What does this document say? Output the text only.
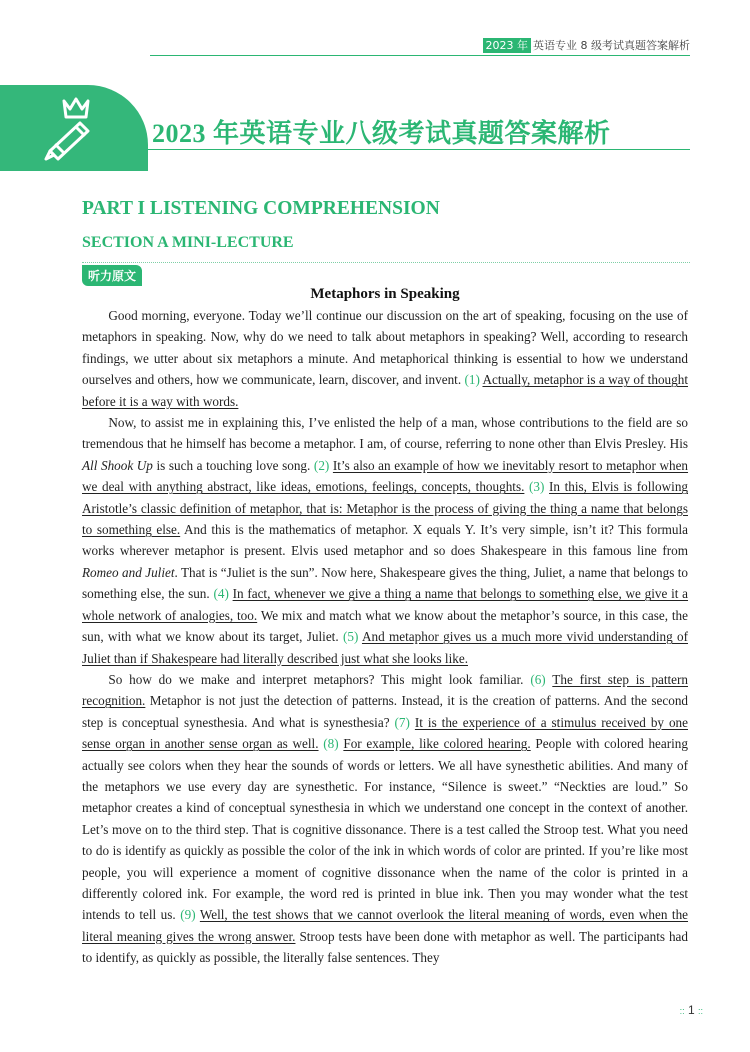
2023 年 英语专业 8 级考试真题答案解析
2023 年英语专业八级考试真题答案解析
PART I LISTENING COMPREHENSION
SECTION A MINI-LECTURE
听力原文
Metaphors in Speaking

Good morning, everyone. Today we’ll continue our discussion on the art of speaking, focusing on the use of metaphors in speaking. Now, why do we need to talk about metaphors in speaking? Well, according to research findings, we utter about six metaphors a minute. And metaphorical thinking is essential to how we understand ourselves and others, how we communicate, learn, discover, and invent. (1) Actually, metaphor is a way of thought before it is a way with words.

Now, to assist me in explaining this, I’ve enlisted the help of a man, whose contributions to the field are so tremendous that he himself has become a metaphor. I am, of course, referring to none other than Elvis Presley. His All Shook Up is such a touching love song. (2) It’s also an example of how we inevitably resort to metaphor when we deal with anything abstract, like ideas, emotions, feelings, concepts, thoughts. (3) In this, Elvis is following Aristotle’s classic definition of metaphor, that is: Metaphor is the process of giving the thing a name that belongs to something else. And this is the mathematics of metaphor. X equals Y. It’s very simple, isn’t it? This formula works wherever metaphor is present. Elvis used metaphor and so does Shakespeare in this famous line from Romeo and Juliet. That is “Juliet is the sun”. Now here, Shakespeare gives the thing, Juliet, a name that belongs to something else, the sun. (4) In fact, whenever we give a thing a name that belongs to something else, we give it a whole network of analogies, too. We mix and match what we know about the metaphor’s source, in this case, the sun, with what we know about its target, Juliet. (5) And metaphor gives us a much more vivid understanding of Juliet than if Shakespeare had literally described just what she looks like.

So how do we make and interpret metaphors? This might look familiar. (6) The first step is pattern recognition. Metaphor is not just the detection of patterns. Instead, it is the creation of patterns. And the second step is conceptual synesthesia. And what is synesthesia? (7) It is the experience of a stimulus received by one sense organ in another sense organ as well. (8) For example, like colored hearing. People with colored hearing actually see colors when they hear the sounds of words or letters. We all have synesthetic abilities. And many of the metaphors we use every day are synesthetic. For instance, “Silence is sweet.” “Neckties are loud.” So metaphor creates a kind of conceptual synesthesia in which we understand one concept in the context of another. Let’s move on to the third step. That is cognitive dissonance. There is a test called the Stroop test. What you need to do is identify as quickly as possible the color of the ink in which words of color are printed. If you’re like most people, you will experience a moment of cognitive dissonance when the name of the color is printed in a differently colored ink. For example, the word red is printed in blue ink. Then you may wonder what the test intends to tell us. (9) Well, the test shows that we cannot overlook the literal meaning of words, even when the literal meaning gives the wrong answer. Stroop tests have been done with metaphor as well. The participants had to identify, as quickly as possible, the literally false sentences. They

:: 1 ::
